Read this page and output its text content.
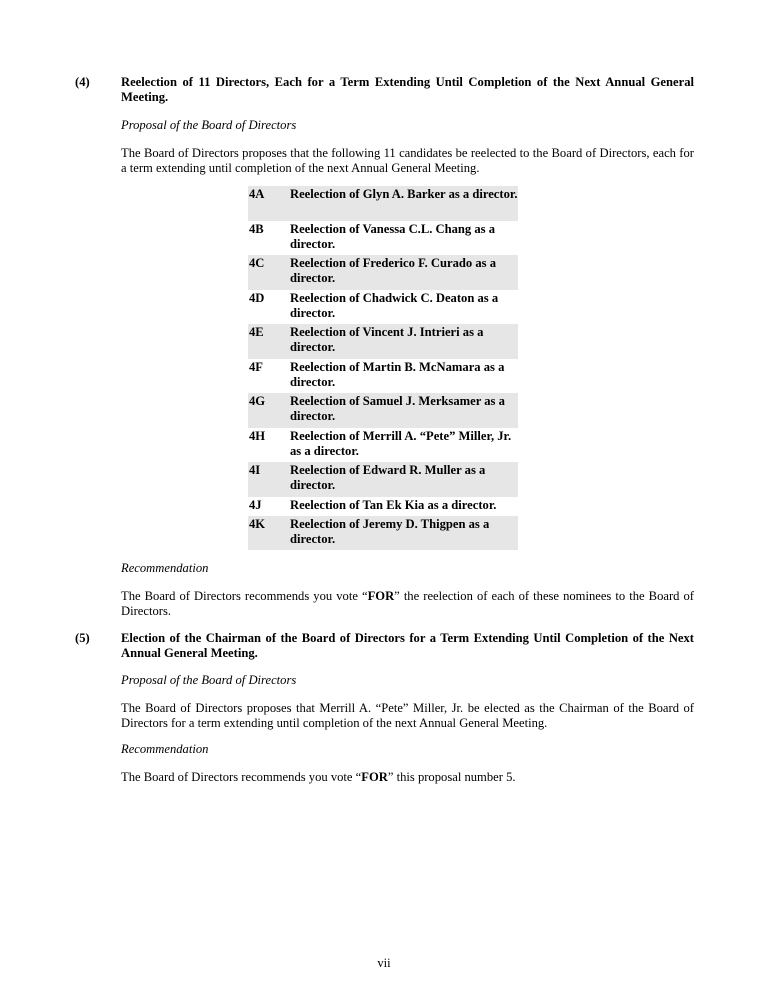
(4) Reelection of 11 Directors, Each for a Term Extending Until Completion of the Next Annual General Meeting.
Proposal of the Board of Directors
The Board of Directors proposes that the following 11 candidates be reelected to the Board of Directors, each for a term extending until completion of the next Annual General Meeting.
4A	Reelection of Glyn A. Barker as a director.
4B	Reelection of Vanessa C.L. Chang as a director.
4C	Reelection of Frederico F. Curado as a director.
4D	Reelection of Chadwick C. Deaton as a director.
4E	Reelection of Vincent J. Intrieri as a director.
4F	Reelection of Martin B. McNamara as a director.
4G	Reelection of Samuel J. Merksamer as a director.
4H	Reelection of Merrill A. “Pete” Miller, Jr. as a director.
4I	Reelection of Edward R. Muller as a director.
4J	Reelection of Tan Ek Kia as a director.
4K	Reelection of Jeremy D. Thigpen as a director.
Recommendation
The Board of Directors recommends you vote “FOR” the reelection of each of these nominees to the Board of Directors.
(5) Election of the Chairman of the Board of Directors for a Term Extending Until Completion of the Next Annual General Meeting.
Proposal of the Board of Directors
The Board of Directors proposes that Merrill A. “Pete” Miller, Jr. be elected as the Chairman of the Board of Directors for a term extending until completion of the next Annual General Meeting.
Recommendation
The Board of Directors recommends you vote “FOR” this proposal number 5.
vii
